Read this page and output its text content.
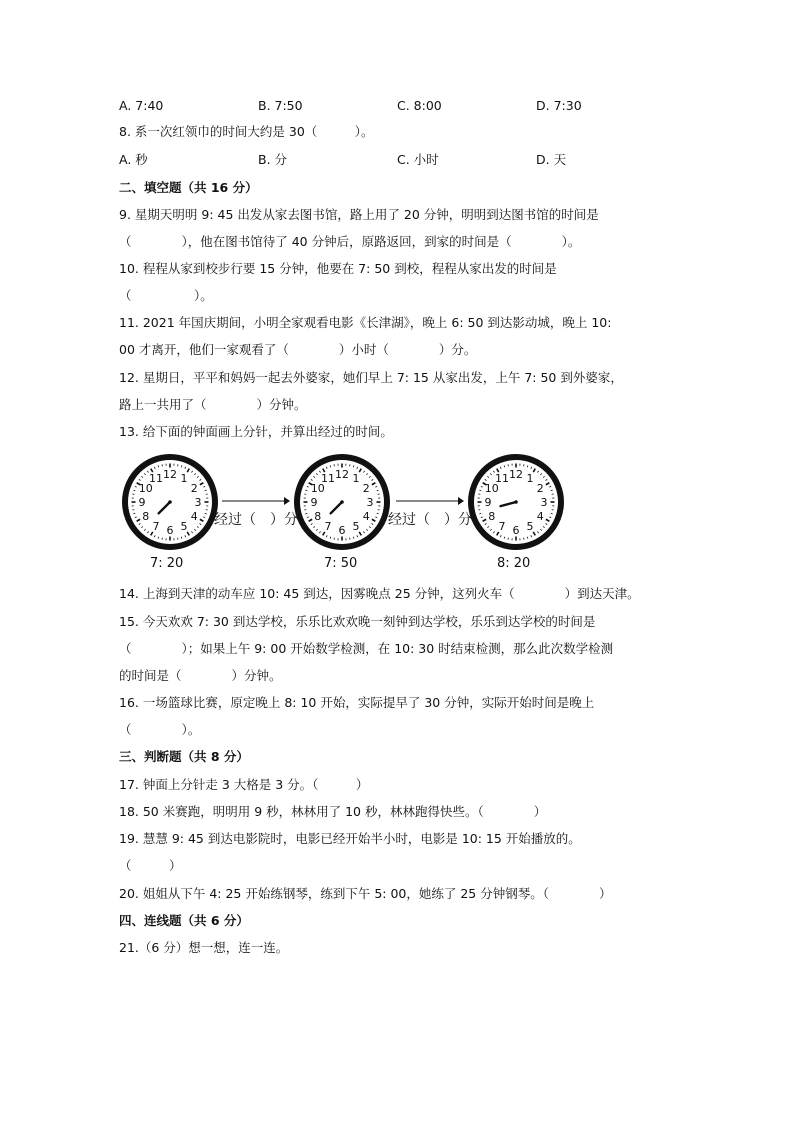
A. 7:40	B. 7:50	C. 8:00	D. 7:30
8. 系一次红领巾的时间大约是 30（　　　）。
A. 秒	B. 分	C. 小时	D. 天
二、填空题（共 16 分）
9. 星期天明明 9: 45 出发从家去图书馆，路上用了 20 分钟，明明到达图书馆的时间是
（　　　　），他在图书馆待了 40 分钟后，原路返回，到家的时间是（　　　　）。
10. 程程从家到校步行要 15 分钟，他要在 7: 50 到校，程程从家出发的时间是
（　　　　　）。
11. 2021 年国庆期间，小明全家观看电影《长津湖》，晚上 6: 50 到达影动城，晚上 10:
00 才离开，他们一家观看了（　　　　）小时（　　　　）分。
12. 星期日，平平和妈妈一起去外婆家，她们早上 7: 15 从家出发，上午 7: 50 到外婆家，
路上一共用了（　　　　）分钟。
13. 给下面的钟面画上分针，并算出经过的时间。
12 1
2
3
4
5
6
7
8
9
10
11	12 1
2
3
4
5
6
7
8
9
10
11	12 1
2
3
4
5
6
7
8
9
10
11
经过（　）分	经过（　）分
7: 20	7: 50	8: 20
14. 上海到天津的动车应 10: 45 到达，因雾晚点 25 分钟，这列火车（　　　　）到达天津。
15. 今天欢欢 7: 30 到达学校，乐乐比欢欢晚一刻钟到达学校，乐乐到达学校的时间是
（　　　　）；如果上午 9: 00 开始数学检测，在 10: 30 时结束检测，那么此次数学检测
的时间是（　　　　）分钟。
16. 一场篮球比赛，原定晚上 8: 10 开始，实际提早了 30 分钟，实际开始时间是晚上
（　　　　）。
三、判断题（共 8 分）
17. 钟面上分针走 3 大格是 3 分。（　　　）
18. 50 米赛跑，明明用 9 秒，林林用了 10 秒，林林跑得快些。（　　　　）
19. 慧慧 9: 45 到达电影院时，电影已经开始半小时，电影是 10: 15 开始播放的。
（　　　）
20. 姐姐从下午 4: 25 开始练钢琴，练到下午 5: 00，她练了 25 分钟钢琴。（　　　　）
四、连线题（共 6 分）
21.（6 分）想一想，连一连。
